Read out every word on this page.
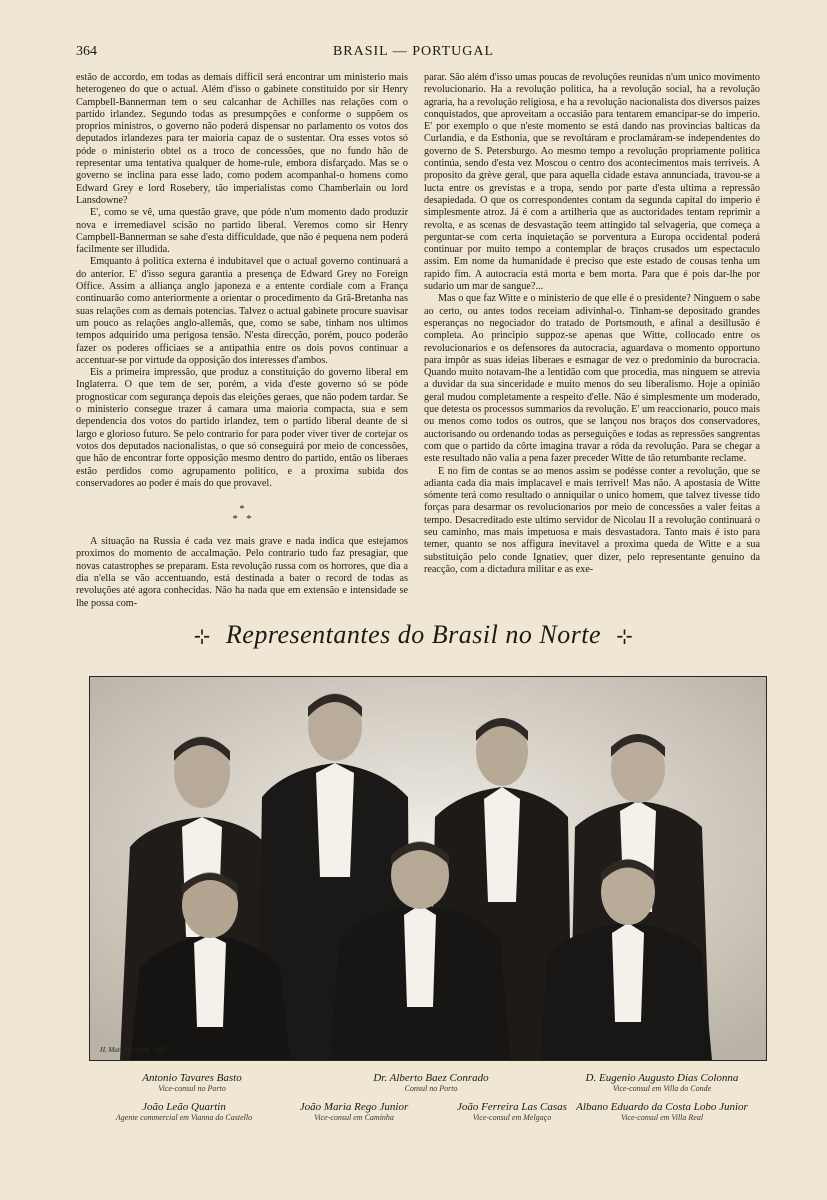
364	BRASIL — PORTUGAL

estão de accordo, em todas as demais difficil será encontrar um ministerio mais heterogeneo do que o actual. Além d'isso o gabinete constituido por sir Henry Campbell-Bannerman tem o seu calcanhar de Achilles nas relações com o partido irlandez. Segundo todas as presumpções e conforme o suppõem os proprios ministros, o governo não poderá dispensar no parlamento os votos dos deputados irlandezes para ter maioria capaz de o sustentar. Ora esses votos só póde o ministerio obtel os a troco de concessões, que no fundo hão de representar uma tentativa qualquer de home-rule, embora disfarçado. Mas se o governo se inclina para esse lado, como podem acompanhal-o homens como Edward Grey e lord Rosebery, tão imperialistas como Chamberlain ou lord Lansdowne?

E', como se vê, uma questão grave, que póde n'um momento dado produzir nova e irremediavel scisão no partido liberal. Veremos como sir Henry Campbell-Bannerman se sahe d'esta difficuldade, que não é pequena nem poderá facilmente ser illudida.

Emquanto á politica externa é indubitavel que o actual governo continuará a do anterior. E' d'isso segura garantia a presença de Edward Grey no Foreign Office. Assim a alliança anglo japoneza e a entente cordiale com a França continuarão como anteriormente a orientar o procedimento da Grã-Bretanha nas suas relações com as demais potencias. Talvez o actual gabinete procure suavisar um pouco as relações anglo-allemãs, que, como se sabe, tinham nos ultimos tempos adquirido uma perigosa tensão. N'esta direcção, porém, pouco poderão fazer os poderes officiaes se a antipathia entre os dois povos continuar a accentuar-se por virtude da opposição dos interesses d'ambos.

Eis a primeira impressão, que produz a constituição do governo liberal em Inglaterra. O que tem de ser, porém, a vida d'este governo só se póde prognosticar com segurança depois das eleições geraes, que não podem tardar. Se o ministerio consegue trazer á camara uma maioria compacta, sua e sem dependencia dos votos do partido irlandez, tem o partido liberal deante de si largo e glorioso futuro. Se pelo contrario for para poder viver tiver de cortejar os votos dos deputados nacionalistas, o que só conseguirá por meio de concessões, que hão de encontrar forte opposição mesmo dentro do partido, então os liberaes estão perdidos como agrupamento politico, e a proxima subida dos conservadores ao poder é mais do que provavel.

*
*   *

A situação na Russia é cada vez mais grave e nada indica que estejamos proximos do momento de accalmação. Pelo contrario tudo faz presagiar, que novas catastrophes se preparam. Esta revolução russa com os horrores, que dia a dia n'ella se vão accentuando, está destinada a bater o record de todas as revoluções até agora conhecidas. Não ha nada que em extensão e intensidade se lhe possa com-

parar. São além d'isso umas poucas de revoluções reunidas n'um unico movimento revolucionario. Ha a revolução politica, ha a revolução social, ha a revolução agraria, ha a revolução religiosa, e ha a revolução nacionalista dos diversos paizes conquistados, que aproveitam a occasião para tentarem emancipar-se do imperio. E' por exemplo o que n'este momento se está dando nas provincias balticas da Curlandia, e da Esthonia, que se revoltáram e proclamáram-se independentes do governo de S. Petersburgo. Ao mesmo tempo a revolução propriamente politica continúa, sendo d'esta vez Moscou o centro dos acontecimentos mais terriveis. A proposito da grève geral, que para aquella cidade estava annunciada, travou-se a lucta entre os grevistas e a tropa, sendo por parte d'esta ultima a repressão desapiedada. O que os correspondentes contam da segunda capital do imperio é simplesmente atroz. Já é com a artilheria que as auctoridades tentam reprimir a revolta, e as scenas de desvastação teem attingido tal selvageria, que começa a perguntar-se com certa inquietação se porventura a Europa occidental poderá continuar por muito tempo a contemplar de braços crusados um espectaculo assim. Em nome da humanidade é preciso que este estado de cousas tenha um rapido fim. A autocracia está morta e bem morta. Para que é pois dar-lhe por sudario um mar de sangue?...

Mas o que faz Witte e o ministerio de que elle é o presidente? Ninguem o sabe ao certo, ou antes todos receiam adivinhal-o. Tinham-se depositado grandes esperanças no negociador do tratado de Portsmouth, e afinal a desillusão é completa. Ao principio suppoz-se apenas que Witte, collocado entre os revolucionarios e os defensores da autocracia, aguardava o momento opportuno para impôr as suas ideias liberaes e esmagar de vez o predominio da burocracia. Quando muito notavam-lhe a lentidão com que procedia, mas ninguem se atrevia a duvidar da sua sinceridade e muito menos do seu liberalismo. Hoje a opinião geral mudou completamente a respeito d'elle. Não é simplesmente um moderado, que detesta os processos summarios da revolução. E' um reaccionario, pouco mais ou menos como todos os outros, que se lançou nos braços dos conservadores, auctorisando ou ordenando todas as perseguições e todas as repressões sangrentas com que o partido da côrte imagina travar a róda da revolução. Para se chegar a este resultado não valia a pena fazer preceder Witte de tão retumbante reclame.

E no fim de contas se ao menos assim se podésse conter a revolução, que se adianta cada dia mais implacavel e mais terrivel! Mas não. A apostasia de Witte sómente terá como resultado o anniquilar o unico homem, que talvez tivesse tido forças para desarmar os revolucionarios por meio de concessões a valer feitas a tempo. Desacreditado este ultimo servidor de Nicolau II a revolução continuará o seu caminho, mas mais impetuosa e mais desvastadora. Tanto mais é isto para temer, quanto se nos affigura inevitavel a proxima queda de Witte e a sua substituição pelo conde Ignatiev, quer dizer, pelo representante genuino da reacção, com a dictadura militar e as exe-

⊹ Representantes do Brasil no Norte ⊹
H. Marimbo phot. 1905
Antonio Tavares Basto
Vice-consul no Porto
Dr. Alberto Baez Conrado
Consul no Porto
D. Eugenio Augusto Dias Colonna
Vice-consul em Villa do Conde
João Leão Quartin
Agente commercial em Vianna do Castello
João Maria Rego Junior
Vice-consul em Caminha
João Ferreira Las Casas
Vice-consul em Melgaço
Albano Eduardo da Costa Lobo Junior
Vice-consul em Villa Real
